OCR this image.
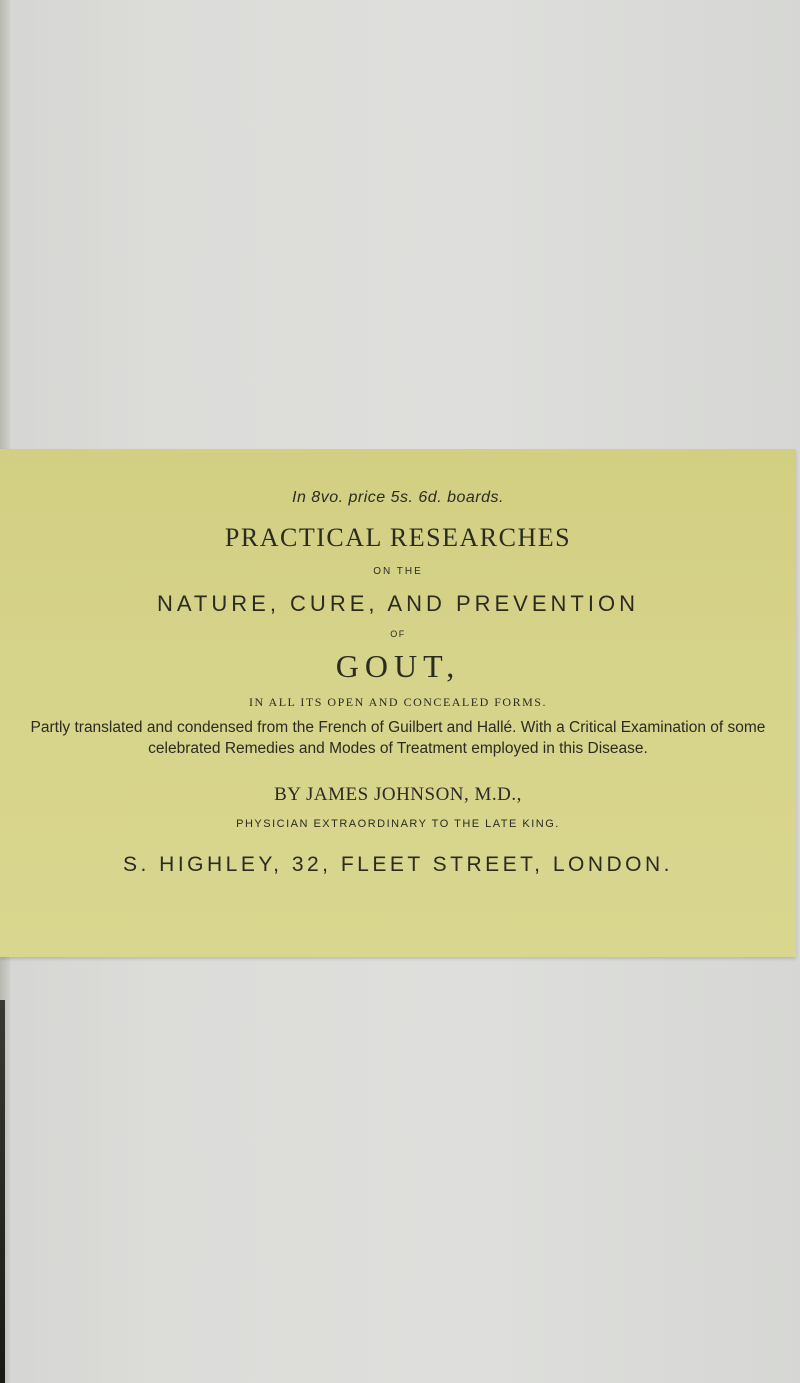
In 8vo. price 5s. 6d. boards.
PRACTICAL RESEARCHES
ON THE
NATURE, CURE, AND PREVENTION
OF
GOUT,
IN ALL ITS OPEN AND CONCEALED FORMS.
Partly translated and condensed from the French of Guilbert and Hallé. With a Critical Examination of some celebrated Remedies and Modes of Treatment employed in this Disease.
BY JAMES JOHNSON, M.D.,
PHYSICIAN EXTRAORDINARY TO THE LATE KING.
S. HIGHLEY, 32, FLEET STREET, LONDON.
